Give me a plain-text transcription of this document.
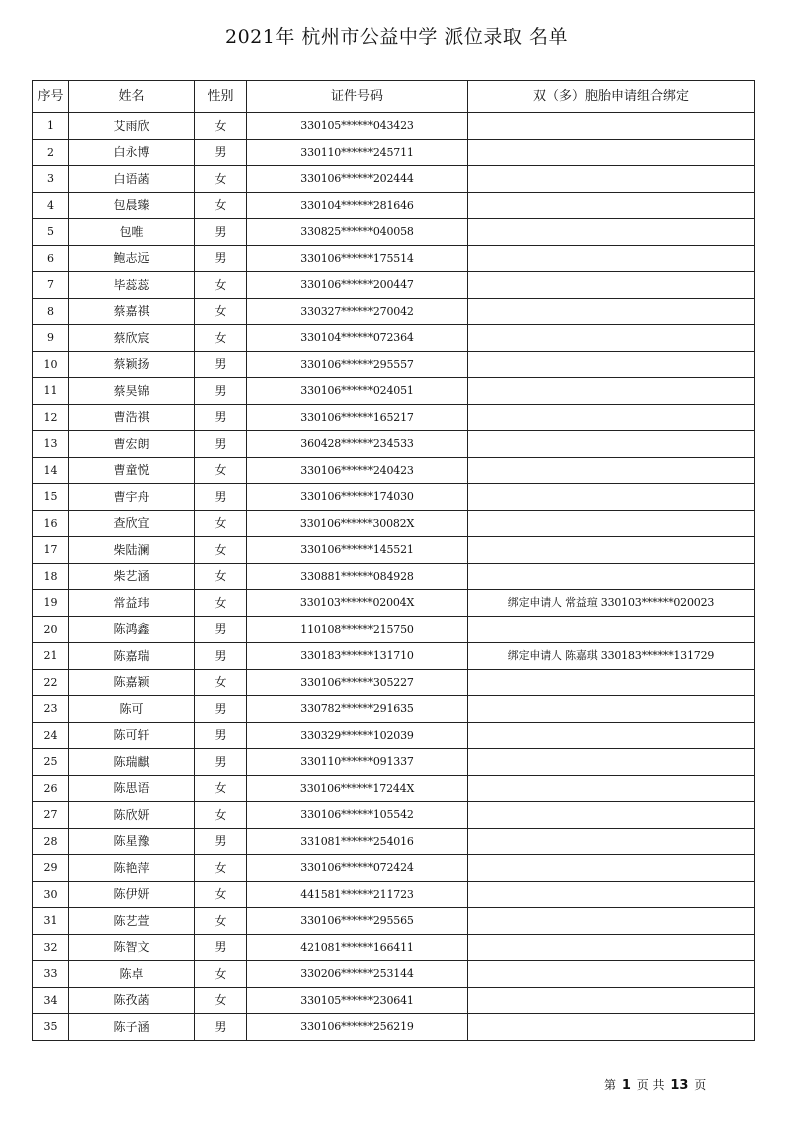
2021年 杭州市公益中学 派位录取 名单
序号	姓名	性别	证件号码	双（多）胞胎申请组合绑定
1	艾雨欣	女	330105******043423	
2	白永博	男	330110******245711	
3	白语菡	女	330106******202444	
4	包晨臻	女	330104******281646	
5	包唯	男	330825******040058	
6	鲍志远	男	330106******175514	
7	毕蕊蕊	女	330106******200447	
8	蔡嘉祺	女	330327******270042	
9	蔡欣宸	女	330104******072364	
10	蔡颖扬	男	330106******295557	
11	蔡昊锦	男	330106******024051	
12	曹浩祺	男	330106******165217	
13	曹宏朗	男	360428******234533	
14	曹童悦	女	330106******240423	
15	曹宇舟	男	330106******174030	
16	查欣宜	女	330106******30082X	
17	柴陆澜	女	330106******145521	
18	柴艺涵	女	330881******084928	
19	常益玮	女	330103******02004X	绑定申请人 常益瑄 330103******020023
20	陈鸿鑫	男	110108******215750	
21	陈嘉瑞	男	330183******131710	绑定申请人 陈嘉琪 330183******131729
22	陈嘉颖	女	330106******305227	
23	陈可	男	330782******291635	
24	陈可轩	男	330329******102039	
25	陈瑞麒	男	330110******091337	
26	陈思语	女	330106******17244X	
27	陈欣妍	女	330106******105542	
28	陈星豫	男	331081******254016	
29	陈艳萍	女	330106******072424	
30	陈伊妍	女	441581******211723	
31	陈艺萱	女	330106******295565	
32	陈智文	男	421081******166411	
33	陈卓	女	330206******253144	
34	陈孜菡	女	330105******230641	
35	陈子涵	男	330106******256219	
第 1 页 共 13 页
